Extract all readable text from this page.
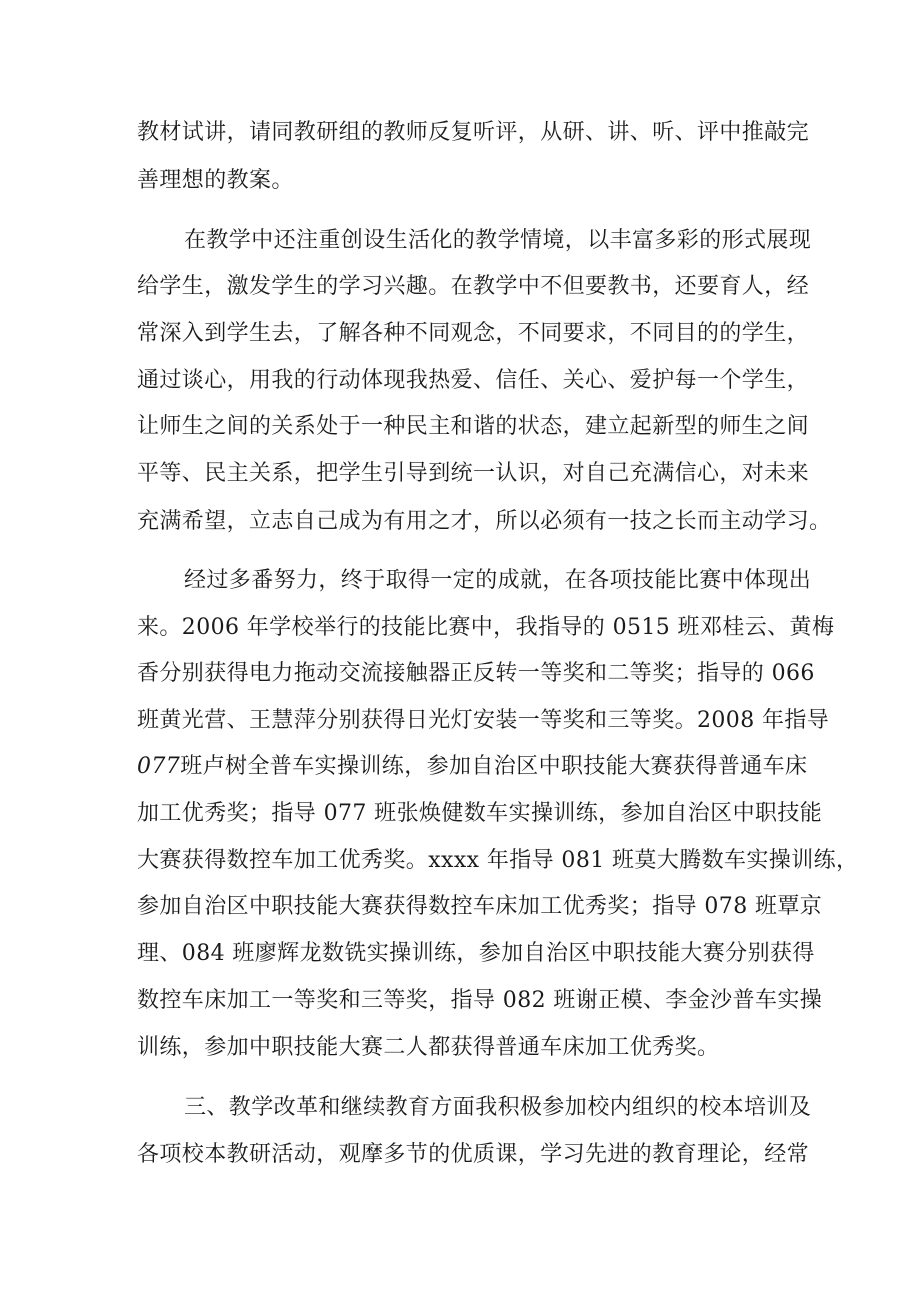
教材试讲，请同教研组的教师反复听评，从研、讲、听、评中推敲完
善理想的教案。
在教学中还注重创设生活化的教学情境，以丰富多彩的形式展现
给学生，激发学生的学习兴趣。在教学中不但要教书，还要育人，经
常深入到学生去，了解各种不同观念，不同要求，不同目的的学生，
通过谈心，用我的行动体现我热爱、信任、关心、爱护每一个学生，
让师生之间的关系处于一种民主和谐的状态，建立起新型的师生之间
平等、民主关系，把学生引导到统一认识，对自己充满信心，对未来
充满希望，立志自己成为有用之才，所以必须有一技之长而主动学习。
经过多番努力，终于取得一定的成就，在各项技能比赛中体现出
来。2006 年学校举行的技能比赛中，我指导的 0515 班邓桂云、黄梅
香分别获得电力拖动交流接触器正反转一等奖和二等奖；指导的 066
班黄光营、王慧萍分别获得日光灯安装一等奖和三等奖。2008 年指导
077班卢树全普车实操训练，参加自治区中职技能大赛获得普通车床
加工优秀奖；指导 077 班张焕健数车实操训练，参加自治区中职技能
大赛获得数控车加工优秀奖。xxxx 年指导 081 班莫大腾数车实操训练，
参加自治区中职技能大赛获得数控车床加工优秀奖；指导 078 班覃京
理、084 班廖辉龙数铣实操训练，参加自治区中职技能大赛分别获得
数控车床加工一等奖和三等奖，指导 082 班谢正模、李金沙普车实操
训练，参加中职技能大赛二人都获得普通车床加工优秀奖。
三、教学改革和继续教育方面我积极参加校内组织的校本培训及
各项校本教研活动，观摩多节的优质课，学习先进的教育理论，经常
